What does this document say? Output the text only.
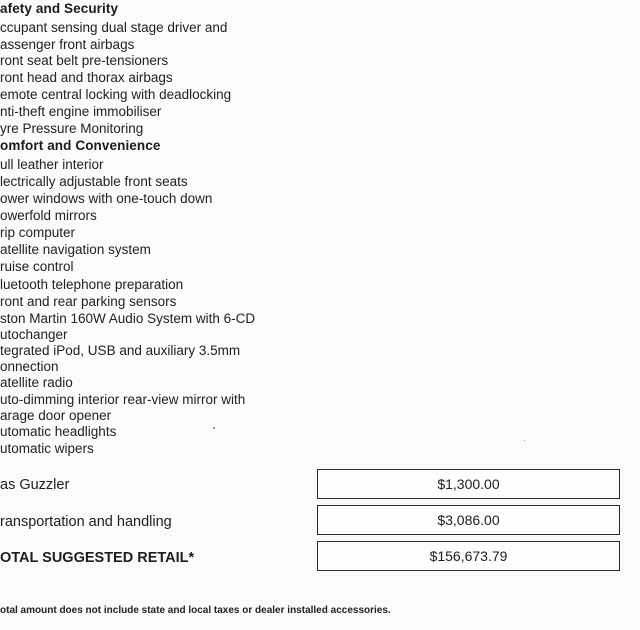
afety and Security
ccupant sensing dual stage driver and
assenger front airbags
ront seat belt pre-tensioners
ront head and thorax airbags
emote central locking with deadlocking
nti-theft engine immobiliser
yre Pressure Monitoring
omfort and Convenience
ull leather interior
lectrically adjustable front seats
ower windows with one-touch down
owerfold mirrors
rip computer
atellite navigation system
ruise control
luetooth telephone preparation
ront and rear parking sensors
ston Martin 160W Audio System with 6-CD
utochanger
tegrated iPod, USB and auxiliary 3.5mm
onnection
atellite radio
uto-dimming interior rear-view mirror with
arage door opener
utomatic headlights
utomatic wipers
as Guzzler	$1,300.00
ransportation and handling	$3,086.00
OTAL SUGGESTED RETAIL*	$156,673.79
otal amount does not include state and local taxes or dealer installed accessories.
